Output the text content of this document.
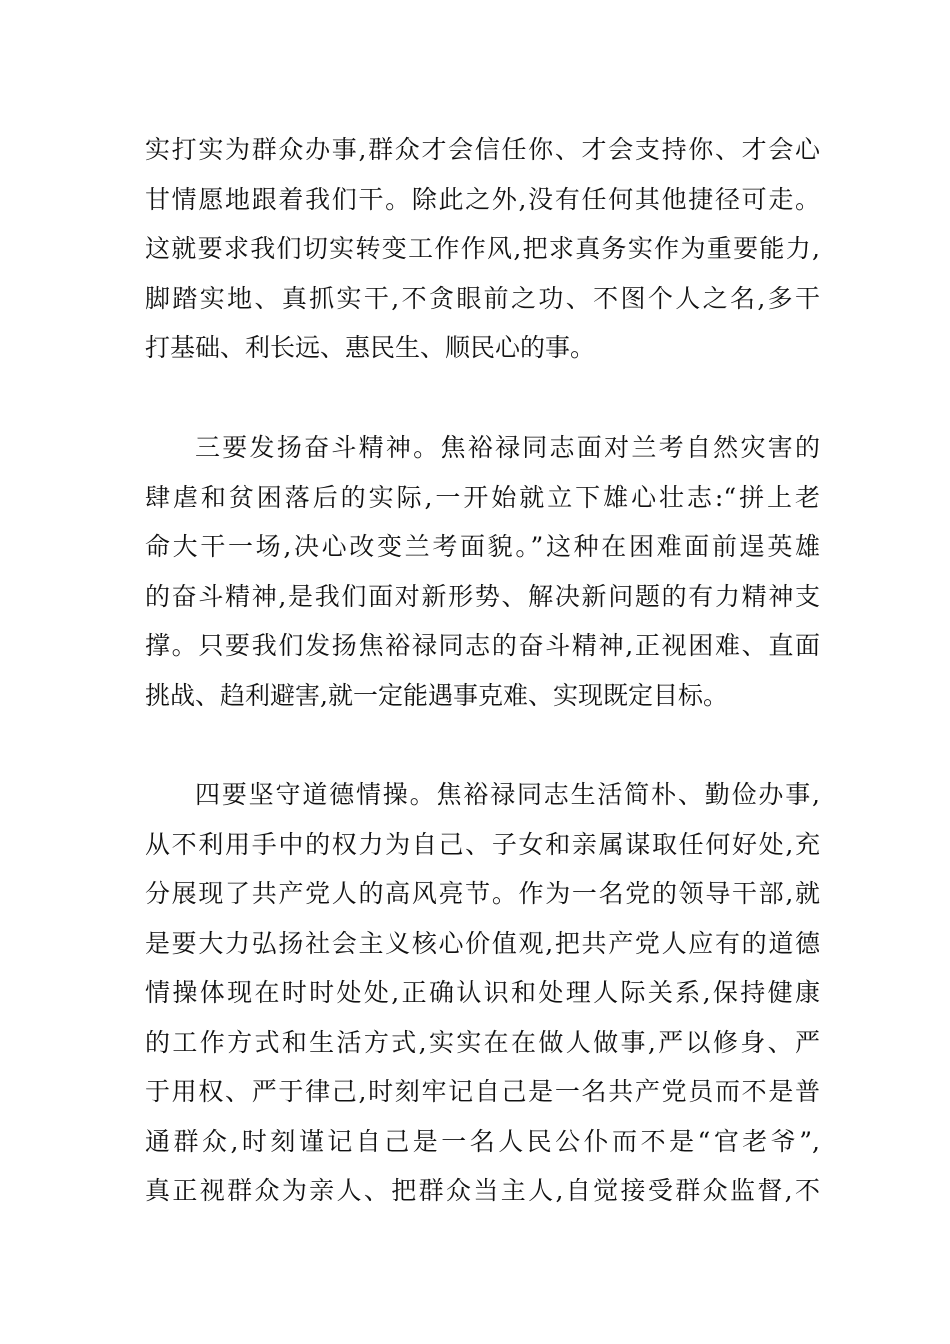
实打实为群众办事,群众才会信任你、才会支持你、才会心
甘情愿地跟着我们干。除此之外,没有任何其他捷径可走。
这就要求我们切实转变工作作风,把求真务实作为重要能力,
脚踏实地、真抓实干,不贪眼前之功、不图个人之名,多干
打基础、利长远、惠民生、顺民心的事。
三要发扬奋斗精神。焦裕禄同志面对兰考自然灾害的
肆虐和贫困落后的实际,一开始就立下雄心壮志:“拼上老
命大干一场,决心改变兰考面貌。”这种在困难面前逞英雄
的奋斗精神,是我们面对新形势、解决新问题的有力精神支
撑。只要我们发扬焦裕禄同志的奋斗精神,正视困难、直面
挑战、趋利避害,就一定能遇事克难、实现既定目标。
四要坚守道德情操。焦裕禄同志生活简朴、勤俭办事,
从不利用手中的权力为自己、子女和亲属谋取任何好处,充
分展现了共产党人的高风亮节。作为一名党的领导干部,就
是要大力弘扬社会主义核心价值观,把共产党人应有的道德
情操体现在时时处处,正确认识和处理人际关系,保持健康
的工作方式和生活方式,实实在在做人做事,严以修身、严
于用权、严于律己,时刻牢记自己是一名共产党员而不是普
通群众,时刻谨记自己是一名人民公仆而不是“官老爷”,
真正视群众为亲人、把群众当主人,自觉接受群众监督,不
